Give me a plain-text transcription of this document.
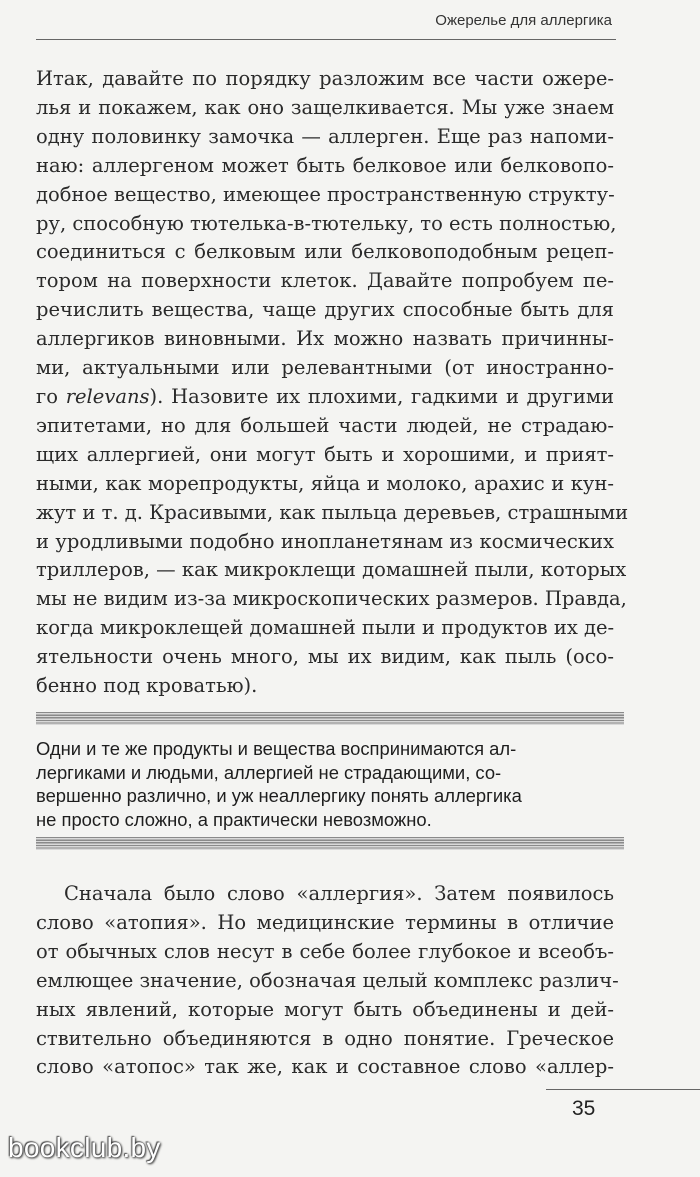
Ожерелье для аллергика
Итак, давайте по порядку разложим все части ожере-
лья и покажем, как оно защелкивается. Мы уже знаем
одну половинку замочка — аллерген. Еще раз напоми-
наю: аллергеном может быть белковое или белковопо-
добное вещество, имеющее пространственную структу-
ру, способную тютелька-в-тютельку, то есть полностью,
соединиться с белковым или белковоподобным рецеп-
тором на поверхности клеток. Давайте попробуем пе-
речислить вещества, чаще других способные быть для
аллергиков виновными. Их можно назвать причинны-
ми, актуальными или релевантными (от иностранно-
го relevans). Назовите их плохими, гадкими и другими
эпитетами, но для большей части людей, не страдаю-
щих аллергией, они могут быть и хорошими, и прият-
ными, как морепродукты, яйца и молоко, арахис и кун-
жут и т. д. Красивыми, как пыльца деревьев, страшными
и уродливыми подобно инопланетянам из космических
триллеров, — как микроклещи домашней пыли, которых
мы не видим из-за микроскопических размеров. Правда,
когда микроклещей домашней пыли и продуктов их де-
ятельности очень много, мы их видим, как пыль (осо-
бенно под кроватью).
Одни и те же продукты и вещества воспринимаются ал-
лергиками и людьми, аллергией не страдающими, со-
вершенно различно, и уж неаллергику понять аллергика
не просто сложно, а практически невозможно.
Сначала было слово «аллергия». Затем появилось
слово «атопия». Но медицинские термины в отличие
от обычных слов несут в себе более глубокое и всеобъ-
емлющее значение, обозначая целый комплекс различ-
ных явлений, которые могут быть объединены и дей-
ствительно объединяются в одно понятие. Греческое
слово «атопос» так же, как и составное слово «аллер-
35
bookclub.by
